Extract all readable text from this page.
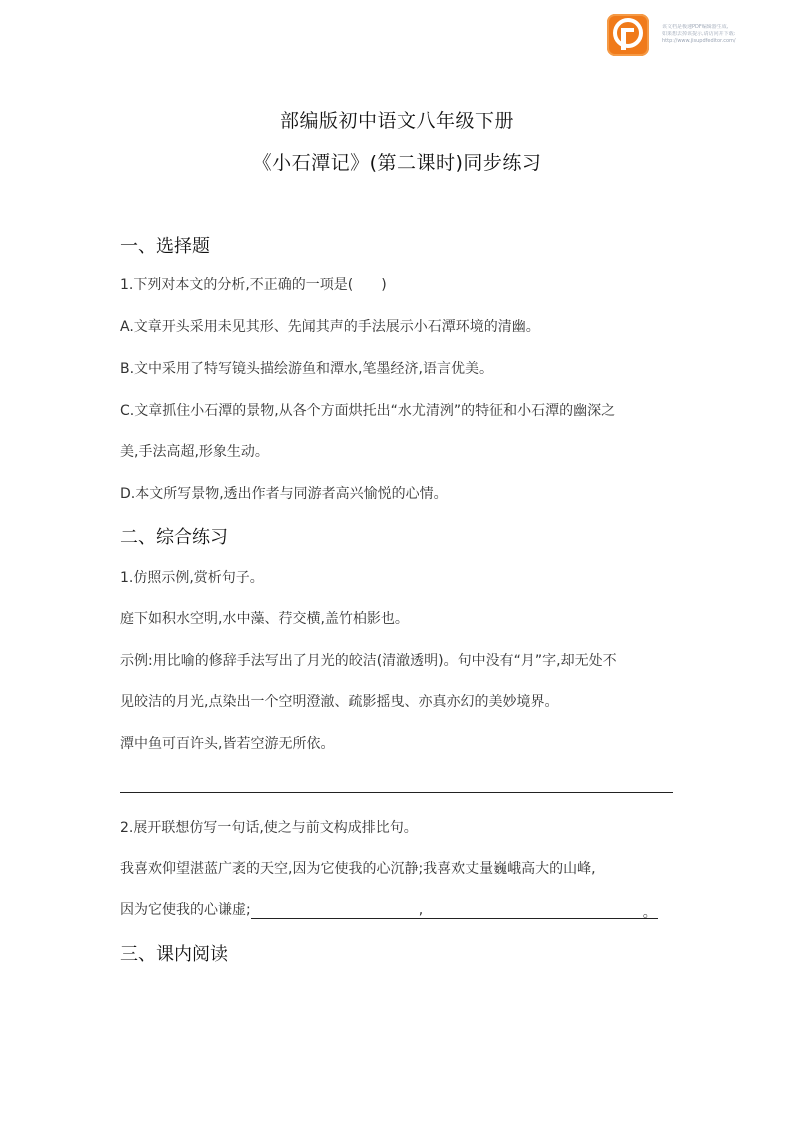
该文档是极速PDF编辑器生成,
如果想去掉该提示,请访问并下载:
http://www.jisupdfeditor.com/
部编版初中语文八年级下册
《小石潭记》(第二课时)同步练习
一、选择题
1.下列对本文的分析,不正确的一项是(　　)
A.文章开头采用未见其形、先闻其声的手法展示小石潭环境的清幽。
B.文中采用了特写镜头描绘游鱼和潭水,笔墨经济,语言优美。
C.文章抓住小石潭的景物,从各个方面烘托出“水尤清洌”的特征和小石潭的幽深之
美,手法高超,形象生动。
D.本文所写景物,透出作者与同游者高兴愉悦的心情。
二、综合练习
1.仿照示例,赏析句子。
庭下如积水空明,水中藻、荇交横,盖竹柏影也。
示例:用比喻的修辞手法写出了月光的皎洁(清澈透明)。句中没有“月”字,却无处不
见皎洁的月光,点染出一个空明澄澈、疏影摇曳、亦真亦幻的美妙境界。
潭中鱼可百许头,皆若空游无所依。
2.展开联想仿写一句话,使之与前文构成排比句。
我喜欢仰望湛蓝广袤的天空,因为它使我的心沉静;我喜欢丈量巍峨高大的山峰,
因为它使我的心谦虚;	,	。
三、课内阅读
